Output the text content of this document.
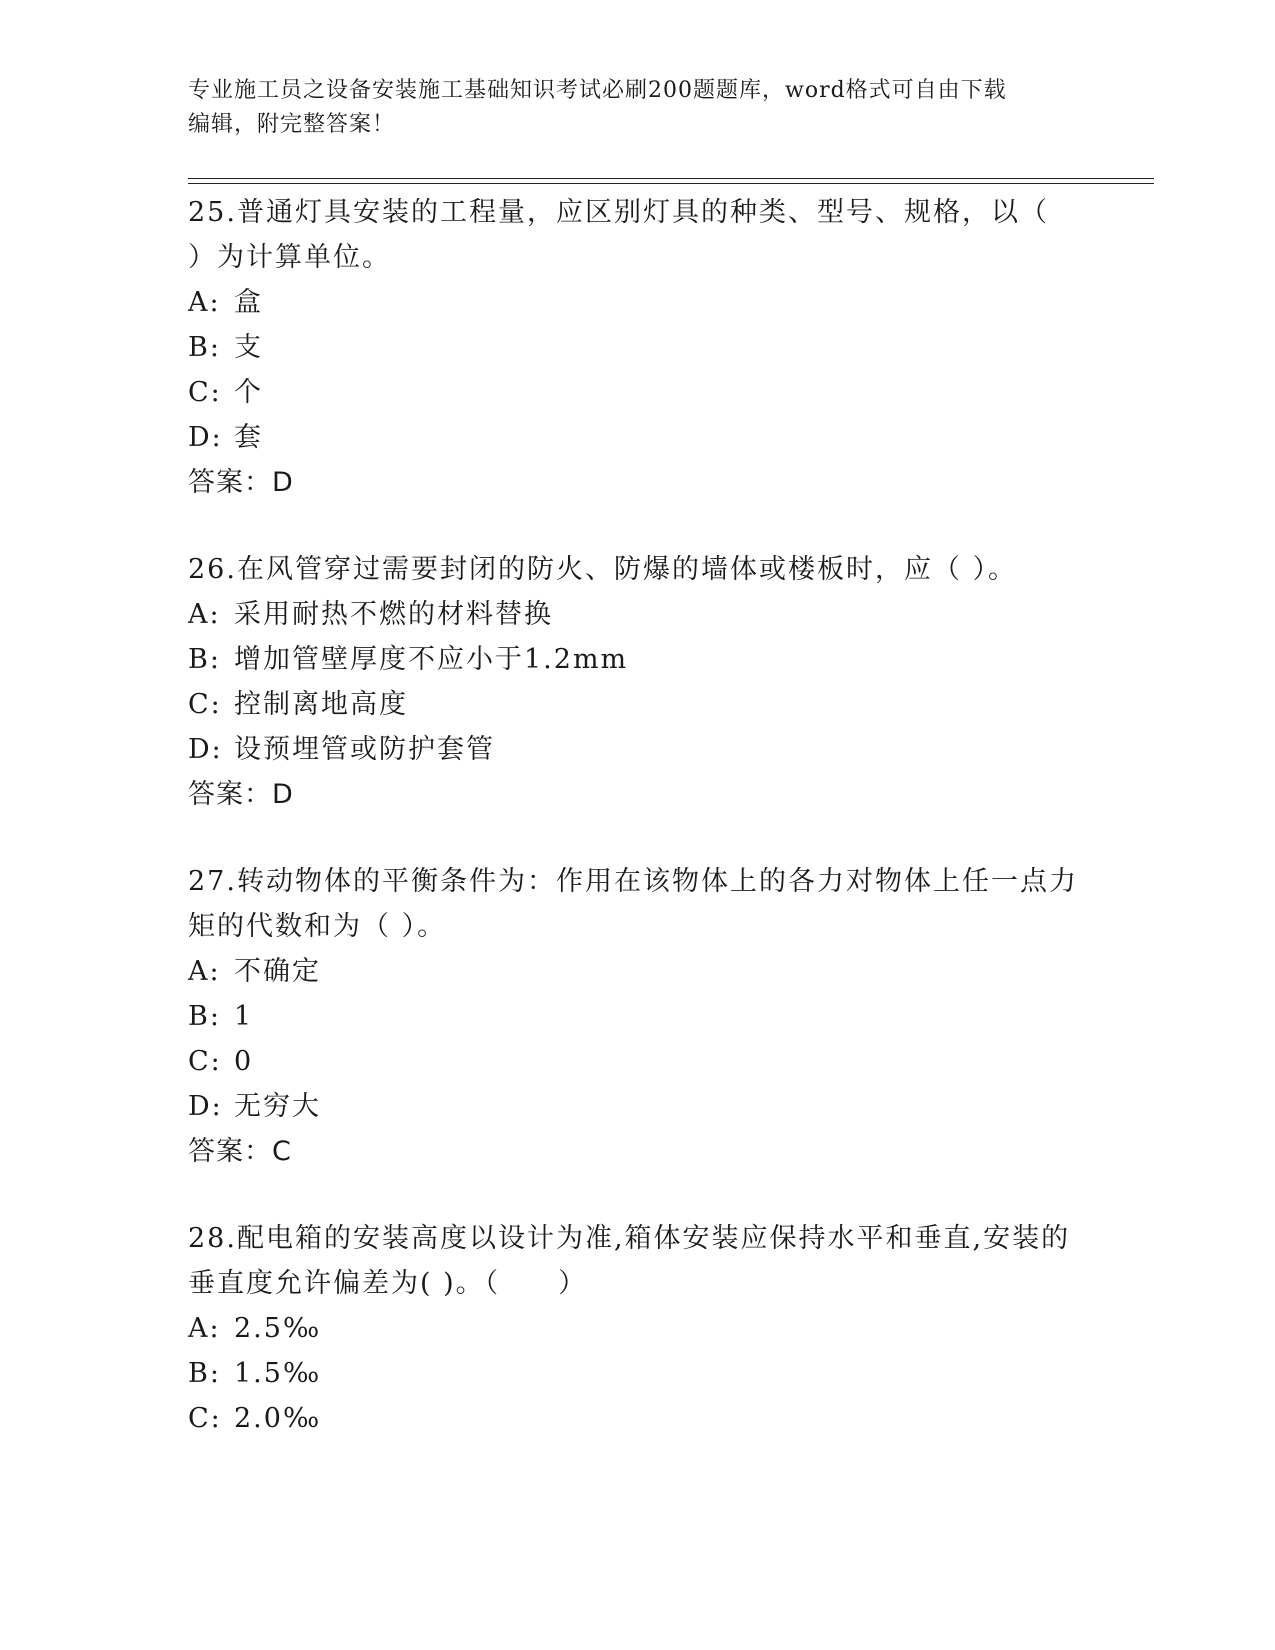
专业施工员之设备安装施工基础知识考试必刷200题题库，word格式可自由下载
编辑，附完整答案！

25.普通灯具安装的工程量，应区别灯具的种类、型号、规格，以（

）为计算单位。

A: 盒
B: 支
C: 个
D: 套

答案：D

26.在风管穿过需要封闭的防火、防爆的墙体或楼板时，应（ ）。

A: 采用耐热不燃的材料替换
B: 增加管壁厚度不应小于1.2mm
C: 控制离地高度
D: 设预埋管或防护套管

答案：D

27.转动物体的平衡条件为：作用在该物体上的各力对物体上任一点力

矩的代数和为（ ）。

A: 不确定
B: 1
C: 0
D: 无穷大

答案：C

28.配电箱的安装高度以设计为准,箱体安装应保持水平和垂直,安装的

垂直度允许偏差为( )。（　　）

A: 2.5‰
B: 1.5‰
C: 2.0‰
